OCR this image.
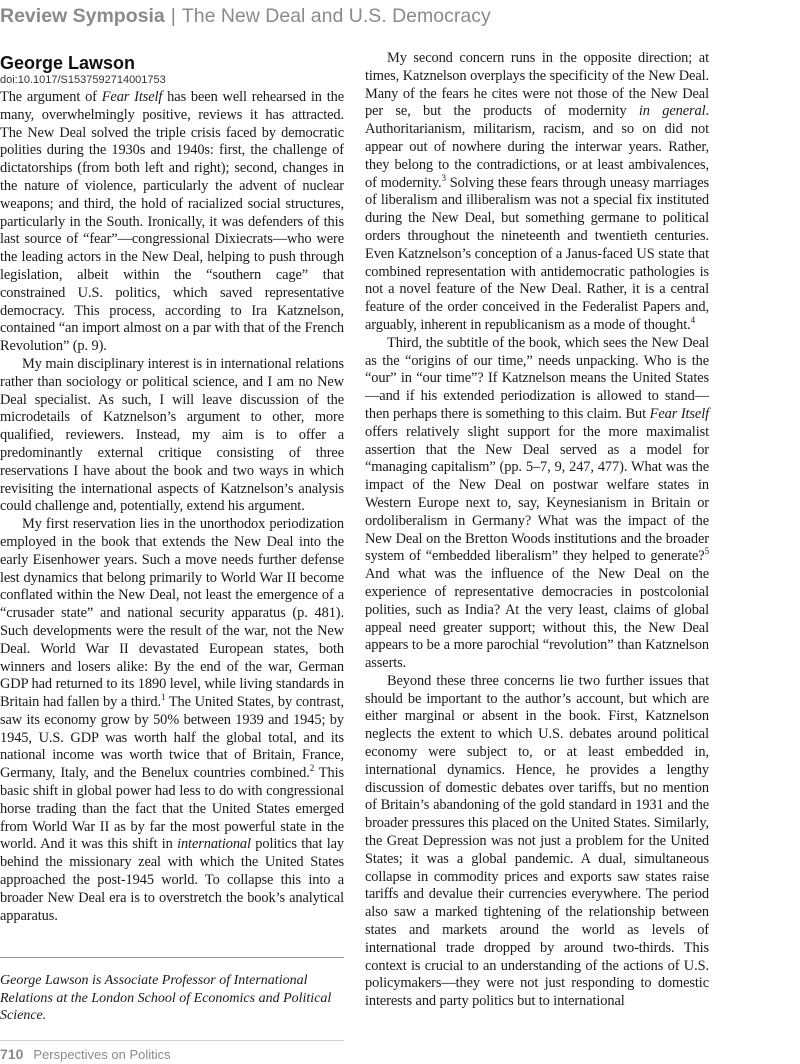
Review Symposia | The New Deal and U.S. Democracy
George Lawson
doi:10.1017/S1537592714001753

The argument of Fear Itself has been well rehearsed in the many, overwhelmingly positive, reviews it has attracted. The New Deal solved the triple crisis faced by democratic polities during the 1930s and 1940s: first, the challenge of dictatorships (from both left and right); second, changes in the nature of violence, particularly the advent of nuclear weapons; and third, the hold of racialized social structures, particularly in the South. Ironically, it was defenders of this last source of “fear”—congressional Dixiecrats—who were the leading actors in the New Deal, helping to push through legislation, albeit within the “southern cage” that constrained U.S. politics, which saved representative democracy. This process, according to Ira Katznelson, contained “an import almost on a par with that of the French Revolution” (p. 9).

My main disciplinary interest is in international relations rather than sociology or political science, and I am no New Deal specialist. As such, I will leave discussion of the microdetails of Katznelson’s argument to other, more qualified, reviewers. Instead, my aim is to offer a predominantly external critique consisting of three reservations I have about the book and two ways in which revisiting the international aspects of Katznelson’s analysis could challenge and, potentially, extend his argument.

My first reservation lies in the unorthodox periodization employed in the book that extends the New Deal into the early Eisenhower years. Such a move needs further defense lest dynamics that belong primarily to World War II become conflated within the New Deal, not least the emergence of a “crusader state” and national security apparatus (p. 481). Such developments were the result of the war, not the New Deal. World War II devastated European states, both winners and losers alike: By the end of the war, German GDP had returned to its 1890 level, while living standards in Britain had fallen by a third.$^1$ The United States, by contrast, saw its economy grow by 50% between 1939 and 1945; by 1945, U.S. GDP was worth half the global total, and its national income was worth twice that of Britain, France, Germany, Italy, and the Benelux countries combined.$^2$ This basic shift in global power had less to do with congressional horse trading than the fact that the United States emerged from World War II as by far the most powerful state in the world. And it was this shift in international politics that lay behind the missionary zeal with which the United States approached the post-1945 world. To collapse this into a broader New Deal era is to overstretch the book’s analytical apparatus.

George Lawson is Associate Professor of International Relations at the London School of Economics and Political Science.

My second concern runs in the opposite direction; at times, Katznelson overplays the specificity of the New Deal. Many of the fears he cites were not those of the New Deal per se, but the products of modernity in general. Authoritarianism, militarism, racism, and so on did not appear out of nowhere during the interwar years. Rather, they belong to the contradictions, or at least ambivalences, of modernity.$^3$ Solving these fears through uneasy marriages of liberalism and illiberalism was not a special fix instituted during the New Deal, but something germane to political orders throughout the nineteenth and twentieth centuries. Even Katznelson’s conception of a Janus-faced US state that combined representation with antidemocratic pathologies is not a novel feature of the New Deal. Rather, it is a central feature of the order conceived in the Federalist Papers and, arguably, inherent in republicanism as a mode of thought.$^4$

Third, the subtitle of the book, which sees the New Deal as the “origins of our time,” needs unpacking. Who is the “our” in “our time”? If Katznelson means the United States—and if his extended periodization is allowed to stand—then perhaps there is something to this claim. But Fear Itself offers relatively slight support for the more maximalist assertion that the New Deal served as a model for “managing capitalism” (pp. 5–7, 9, 247, 477). What was the impact of the New Deal on postwar welfare states in Western Europe next to, say, Keynesianism in Britain or ordoliberalism in Germany? What was the impact of the New Deal on the Bretton Woods institutions and the broader system of “embedded liberalism” they helped to generate?$^5$ And what was the influence of the New Deal on the experience of representative democracies in postcolonial polities, such as India? At the very least, claims of global appeal need greater support; without this, the New Deal appears to be a more parochial “revolution” than Katznelson asserts.

Beyond these three concerns lie two further issues that should be important to the author’s account, but which are either marginal or absent in the book. First, Katznelson neglects the extent to which U.S. debates around political economy were subject to, or at least embedded in, international dynamics. Hence, he provides a lengthy discussion of domestic debates over tariffs, but no mention of Britain’s abandoning of the gold standard in 1931 and the broader pressures this placed on the United States. Similarly, the Great Depression was not just a problem for the United States; it was a global pandemic. A dual, simultaneous collapse in commodity prices and exports saw states raise tariffs and devalue their currencies everywhere. The period also saw a marked tightening of the relationship between states and markets around the world as levels of international trade dropped by around two-thirds. This context is crucial to an understanding of the actions of U.S. policymakers—they were not just responding to domestic interests and party politics but to international

710 Perspectives on Politics
